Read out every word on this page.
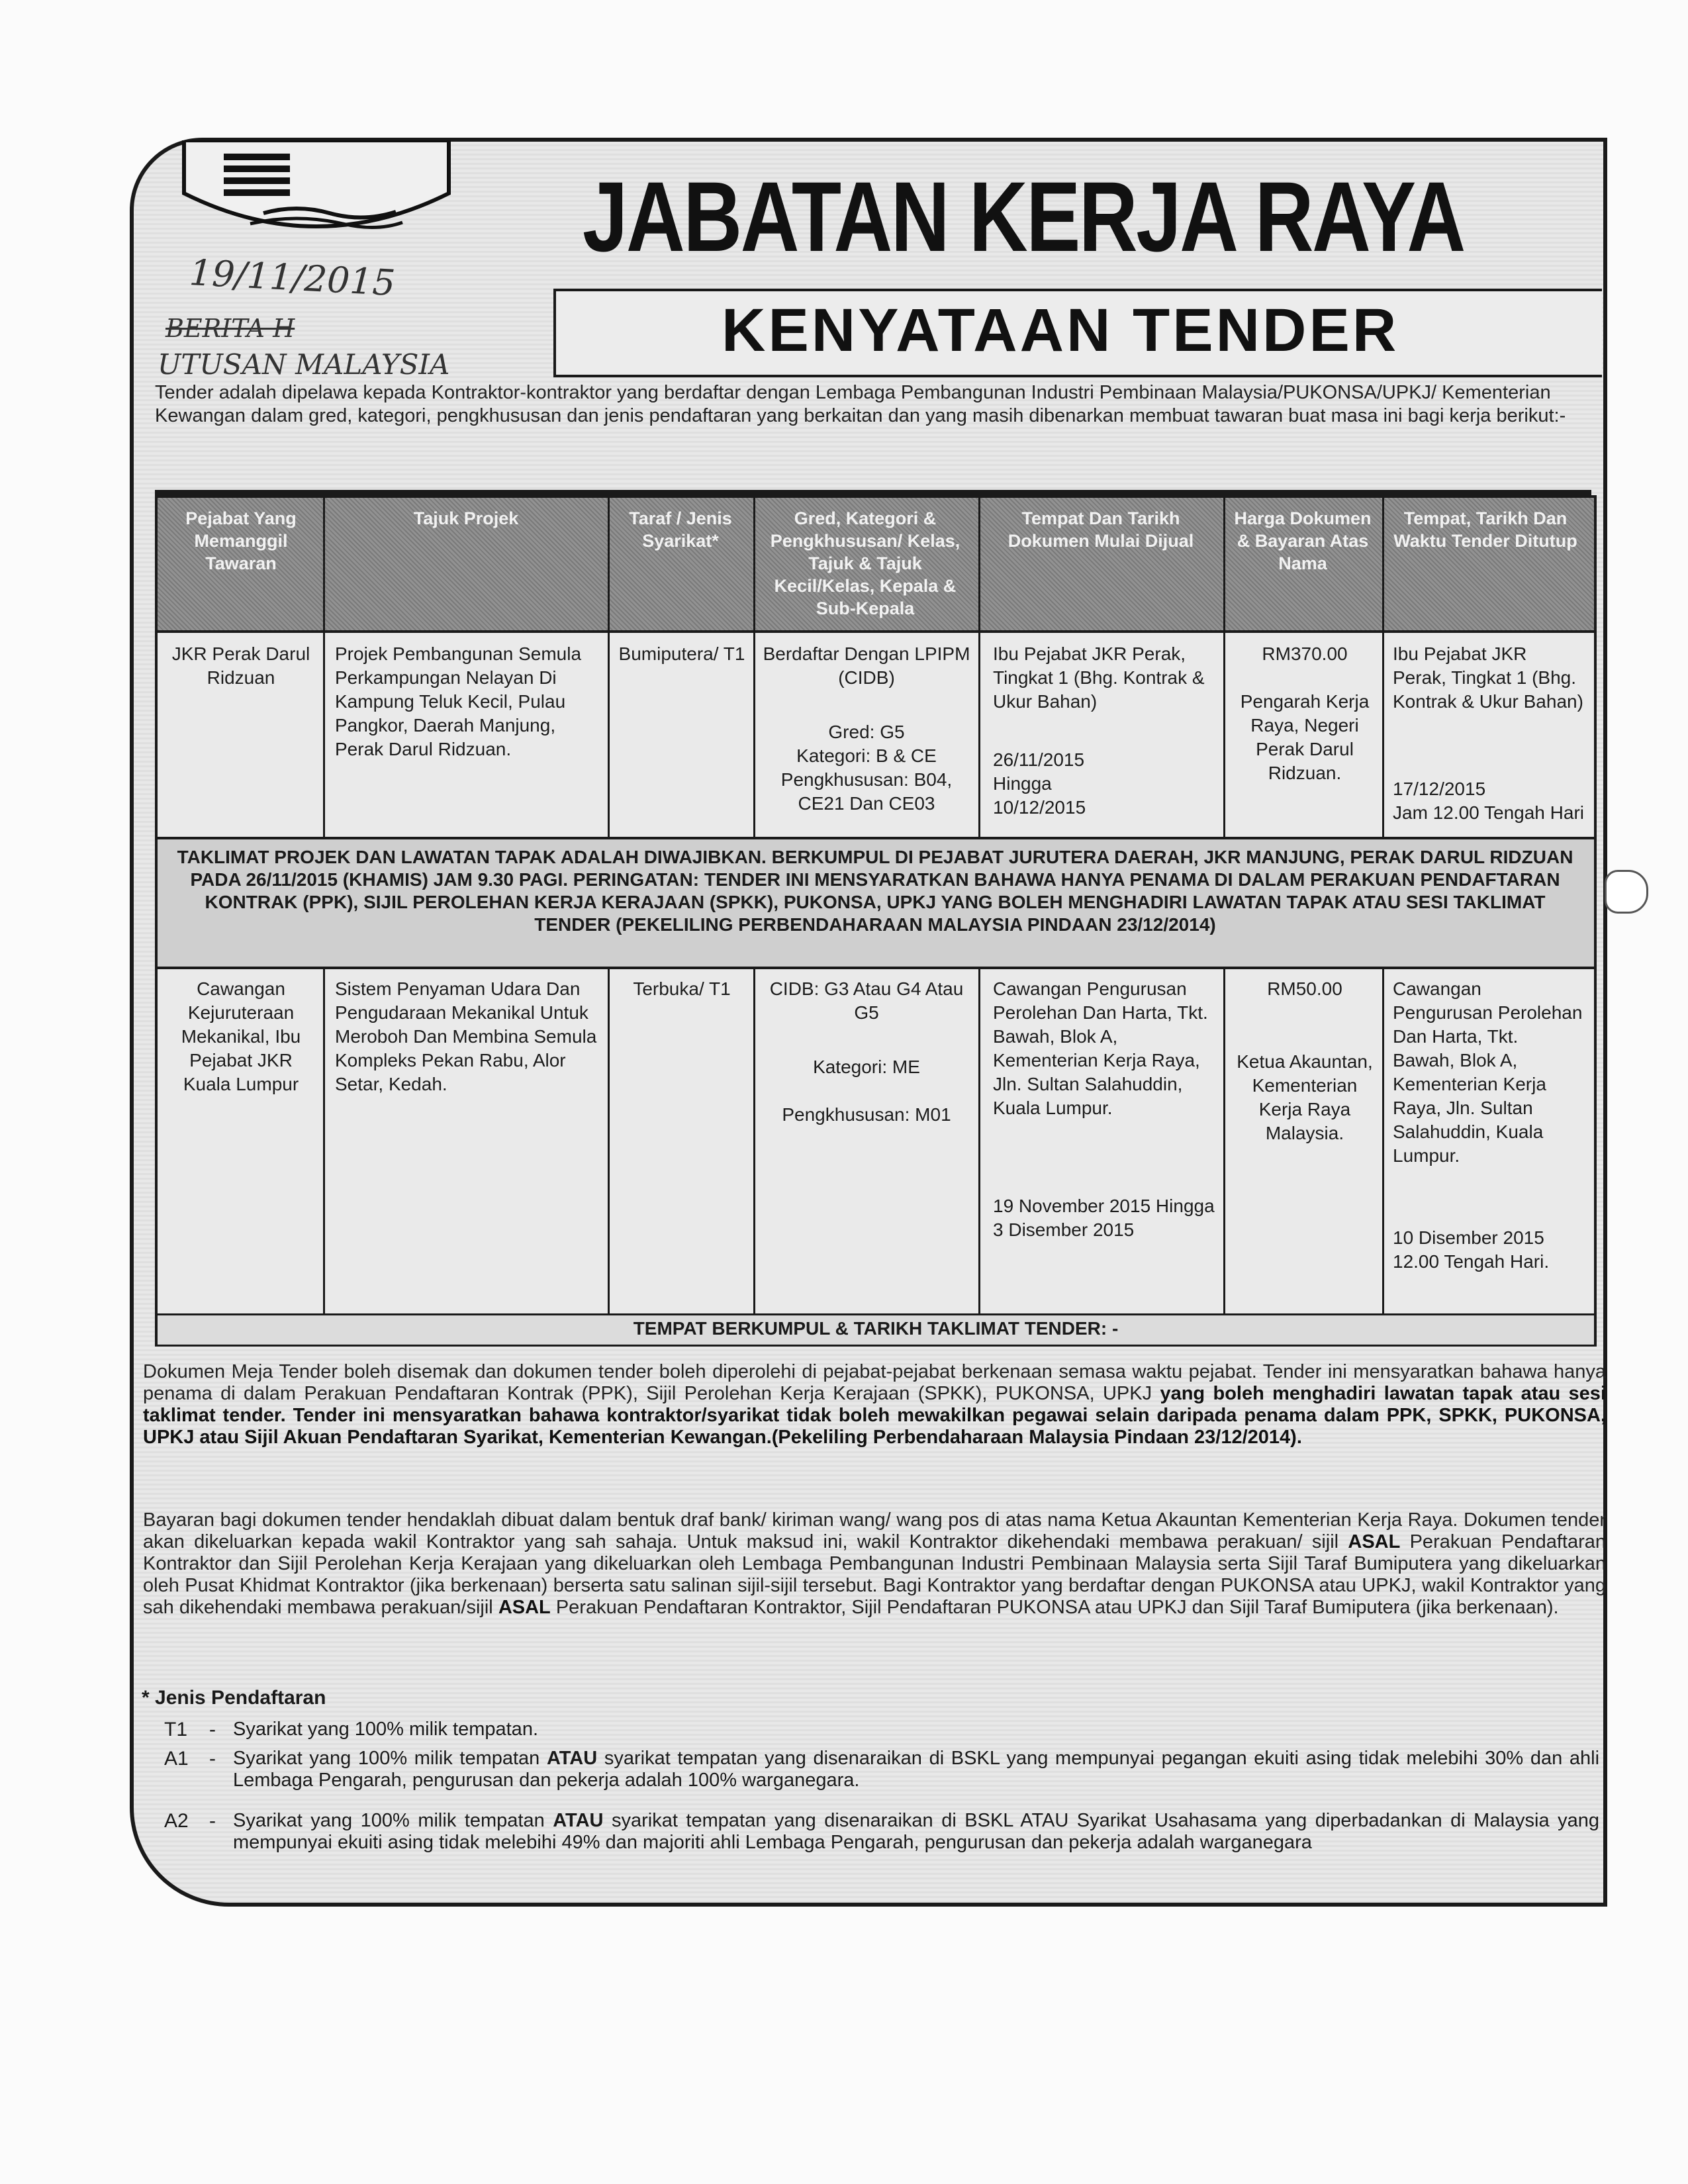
JABATAN KERJA RAYA
KENYATAAN TENDER
19/11/2015
BERITA H
UTUSAN MALAYSIA
Tender adalah dipelawa kepada Kontraktor-kontraktor yang berdaftar dengan Lembaga Pembangunan Industri Pembinaan Malaysia/PUKONSA/UPKJ/ Kementerian Kewangan dalam gred, kategori, pengkhususan dan jenis pendaftaran yang berkaitan dan yang masih dibenarkan membuat tawaran buat masa ini bagi kerja berikut:-
Pejabat Yang Memanggil Tawaran
Tajuk Projek	Taraf / Jenis Syarikat*
Gred, Kategori & Pengkhususan/ Kelas, Tajuk & Tajuk Kecil/Kelas, Kepala & Sub-Kepala
Tempat Dan Tarikh Dokumen Mulai Dijual
Harga Dokumen & Bayaran Atas Nama
Tempat, Tarikh Dan Waktu Tender Ditutup
JKR Perak Darul Ridzuan
Projek Pembangunan Semula Perkampungan Nelayan Di Kampung Teluk Kecil, Pulau Pangkor, Daerah Manjung, Perak Darul Ridzuan.
Bumiputera/ T1 Berdaftar Dengan LPIPM (CIDB)
Gred: G5
Kategori: B & CE
Pengkhususan: B04, CE21 Dan CE03
Ibu Pejabat JKR Perak, Tingkat 1 (Bhg. Kontrak & Ukur Bahan)
26/11/2015 Hingga 10/12/2015
RM370.00
Pengarah Kerja Raya, Negeri Perak Darul Ridzuan.
Ibu Pejabat JKR Perak, Tingkat 1 (Bhg. Kontrak & Ukur Bahan)
17/12/2015
Jam 12.00 Tengah Hari
TAKLIMAT PROJEK DAN LAWATAN TAPAK ADALAH DIWAJIBKAN. BERKUMPUL DI PEJABAT JURUTERA DAERAH, JKR MANJUNG, PERAK DARUL RIDZUAN PADA 26/11/2015 (KHAMIS) JAM 9.30 PAGI. PERINGATAN: TENDER INI MENSYARATKAN BAHAWA HANYA PENAMA DI DALAM PERAKUAN PENDAFTARAN KONTRAK (PPK), SIJIL PEROLEHAN KERJA KERAJAAN (SPKK), PUKONSA, UPKJ YANG BOLEH MENGHADIRI LAWATAN TAPAK ATAU SESI TAKLIMAT TENDER (PEKELILING PERBENDAHARAAN MALAYSIA PINDAAN 23/12/2014)
Cawangan Kejuruteraan Mekanikal, Ibu Pejabat JKR Kuala Lumpur
Sistem Penyaman Udara Dan Pengudaraan Mekanikal Untuk Meroboh Dan Membina Semula Kompleks Pekan Rabu, Alor Setar, Kedah.
Terbuka/ T1	CIDB: G3 Atau G4 Atau G5
Kategori: ME
Pengkhususan: M01
Cawangan Pengurusan Perolehan Dan Harta, Tkt. Bawah, Blok A, Kementerian Kerja Raya, Jln. Sultan Salahuddin, Kuala Lumpur.
19 November 2015 Hingga 3 Disember 2015
RM50.00
Ketua Akauntan, Kementerian Kerja Raya Malaysia.
Cawangan Pengurusan Perolehan Dan Harta, Tkt. Bawah, Blok A, Kementerian Kerja Raya, Jln. Sultan Salahuddin, Kuala Lumpur.
10 Disember 2015 12.00 Tengah Hari.
TEMPAT BERKUMPUL & TARIKH TAKLIMAT TENDER: -
Dokumen Meja Tender boleh disemak dan dokumen tender boleh diperolehi di pejabat-pejabat berkenaan semasa waktu pejabat. Tender ini mensyaratkan bahawa hanya penama di dalam Perakuan Pendaftaran Kontrak (PPK), Sijil Perolehan Kerja Kerajaan (SPKK), PUKONSA, UPKJ yang boleh menghadiri lawatan tapak atau sesi taklimat tender. Tender ini mensyaratkan bahawa kontraktor/syarikat tidak boleh mewakilkan pegawai selain daripada penama dalam PPK, SPKK, PUKONSA, UPKJ atau Sijil Akuan Pendaftaran Syarikat, Kementerian Kewangan.(Pekeliling Perbendaharaan Malaysia Pindaan 23/12/2014).
Bayaran bagi dokumen tender hendaklah dibuat dalam bentuk draf bank/ kiriman wang/ wang pos di atas nama Ketua Akauntan Kementerian Kerja Raya. Dokumen tender akan dikeluarkan kepada wakil Kontraktor yang sah sahaja. Untuk maksud ini, wakil Kontraktor dikehendaki membawa perakuan/ sijil ASAL Perakuan Pendaftaran Kontraktor dan Sijil Perolehan Kerja Kerajaan yang dikeluarkan oleh Lembaga Pembangunan Industri Pembinaan Malaysia serta Sijil Taraf Bumiputera yang dikeluarkan oleh Pusat Khidmat Kontraktor (jika berkenaan) berserta satu salinan sijil-sijil tersebut. Bagi Kontraktor yang berdaftar dengan PUKONSA atau UPKJ, wakil Kontraktor yang sah dikehendaki membawa perakuan/sijil ASAL Perakuan Pendaftaran Kontraktor, Sijil Pendaftaran PUKONSA atau UPKJ dan Sijil Taraf Bumiputera (jika berkenaan).
* Jenis Pendaftaran
T1 - Syarikat yang 100% milik tempatan.
A1 - Syarikat yang 100% milik tempatan ATAU syarikat tempatan yang disenaraikan di BSKL yang mempunyai pegangan ekuiti asing tidak melebihi 30% dan ahli Lembaga Pengarah, pengurusan dan pekerja adalah 100% warganegara.
A2 - Syarikat yang 100% milik tempatan ATAU syarikat tempatan yang disenaraikan di BSKL ATAU Syarikat Usahasama yang diperbadankan di Malaysia yang mempunyai ekuiti asing tidak melebihi 49% dan majoriti ahli Lembaga Pengarah, pengurusan dan pekerja adalah warganegara
